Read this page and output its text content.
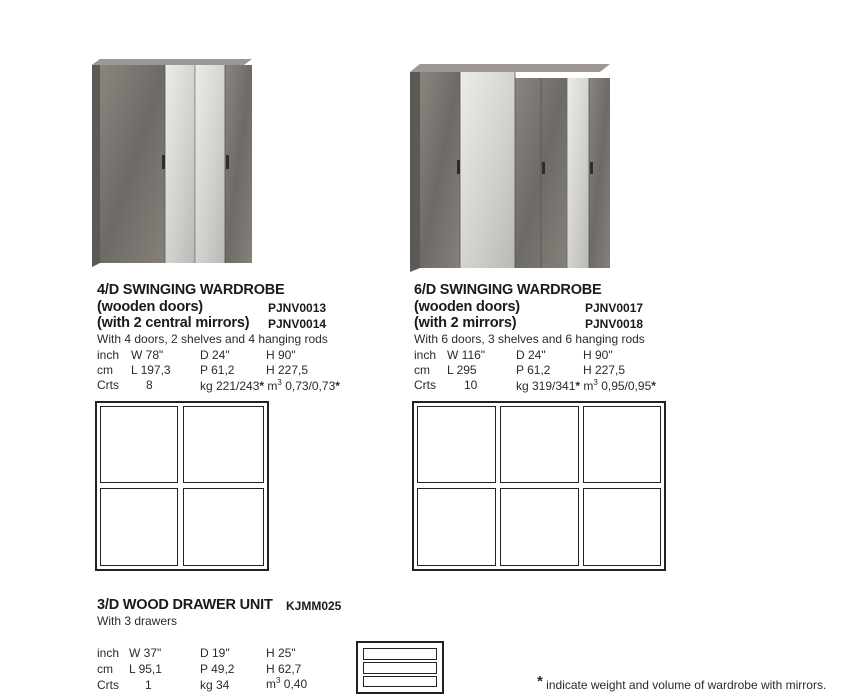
4/D SWINGING WARDROBE
(wooden doors)	PJNV0013
(with 2 central mirrors) PJNV0014
With 4 doors, 2 shelves and 4 hanging rods
inch W 78"	D 24"	H 90"
cm L 197,3 P 61,2	H 227,5
Crts 8	kg 221/243* $m^3$ 0,73/0,73*
6/D SWINGING WARDROBE
(wooden doors)	PJNV0017
(with 2 mirrors)	PJNV0018
With 6 doors, 3 shelves and 6 hanging rods
inch W 116"	D 24"	H 90"
cm L 295	P 61,2	H 227,5
Crts 10	kg 319/341* $m^3$ 0,95/0,95*
3/D WOOD DRAWER UNIT KJMM025
With 3 drawers
inch W 37"	D 19"	H 25"
cm L 95,1	P 49,2	H 62,7
Crts 1	kg 34	$m^3$ 0,40	* indicate weight and volume of wardrobe with mirrors.
